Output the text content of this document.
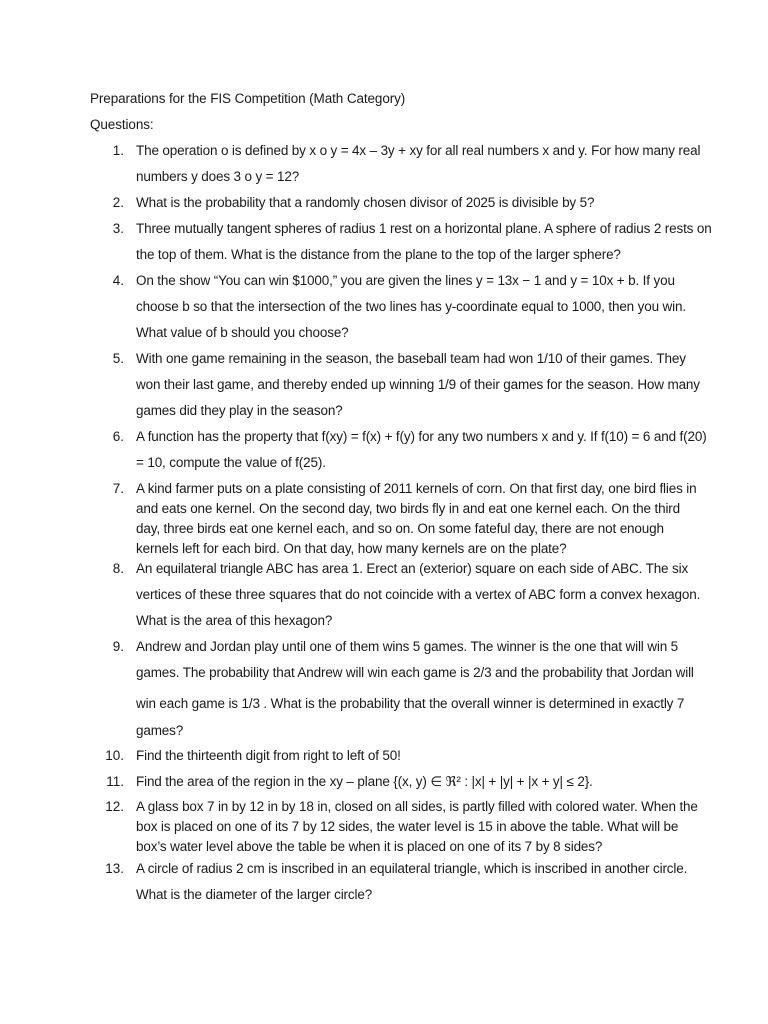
Preparations for the FIS Competition (Math Category)
Questions:
1. The operation o is defined by x o y = 4x – 3y + xy for all real numbers x and y. For how many real
numbers y does 3 o y = 12?
2. What is the probability that a randomly chosen divisor of 2025 is divisible by 5?
3. Three mutually tangent spheres of radius 1 rest on a horizontal plane. A sphere of radius 2 rests on
the top of them. What is the distance from the plane to the top of the larger sphere?
4. On the show “You can win $1000,” you are given the lines y = 13x − 1 and y = 10x + b. If you
choose b so that the intersection of the two lines has y-coordinate equal to 1000, then you win.
What value of b should you choose?
5. With one game remaining in the season, the baseball team had won 1/10 of their games. They
won their last game, and thereby ended up winning 1/9 of their games for the season. How many
games did they play in the season?
6. A function has the property that f(xy) = f(x) + f(y) for any two numbers x and y. If f(10) = 6 and f(20)
= 10, compute the value of f(25).
7. A kind farmer puts on a plate consisting of 2011 kernels of corn. On that first day, one bird flies in
and eats one kernel. On the second day, two birds fly in and eat one kernel each. On the third
day, three birds eat one kernel each, and so on. On some fateful day, there are not enough
kernels left for each bird. On that day, how many kernels are on the plate?
8. An equilateral triangle ABC has area 1. Erect an (exterior) square on each side of ABC. The six
vertices of these three squares that do not coincide with a vertex of ABC form a convex hexagon.
What is the area of this hexagon?
9. Andrew and Jordan play until one of them wins 5 games. The winner is the one that will win 5
games. The probability that Andrew will win each game is 2/3 and the probability that Jordan will
win each game is 1/3 . What is the probability that the overall winner is determined in exactly 7
games?
10. Find the thirteenth digit from right to left of 50!
11. Find the area of the region in the xy – plane {(x, y) ∈ ℜ² : |x| + |y| + |x + y| ≤ 2}.
12. A glass box 7 in by 12 in by 18 in, closed on all sides, is partly filled with colored water. When the
box is placed on one of its 7 by 12 sides, the water level is 15 in above the table. What will be
box’s water level above the table be when it is placed on one of its 7 by 8 sides?
13. A circle of radius 2 cm is inscribed in an equilateral triangle, which is inscribed in another circle.
What is the diameter of the larger circle?
